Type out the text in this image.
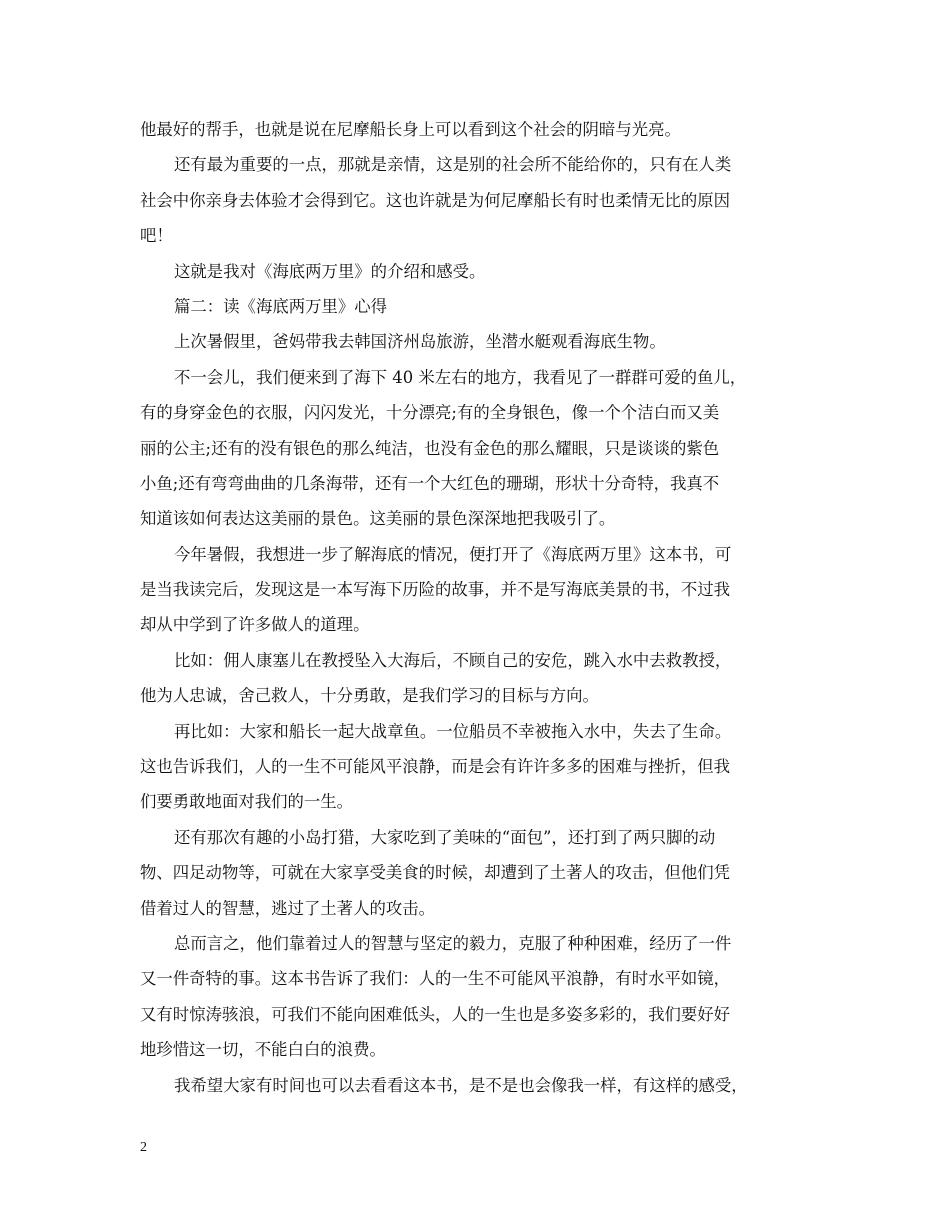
他最好的帮手，也就是说在尼摩船长身上可以看到这个社会的阴暗与光亮。
还有最为重要的一点，那就是亲情，这是别的社会所不能给你的，只有在人类
社会中你亲身去体验才会得到它。这也许就是为何尼摩船长有时也柔情无比的原因
吧！
这就是我对《海底两万里》的介绍和感受。
篇二：读《海底两万里》心得
上次暑假里，爸妈带我去韩国济州岛旅游，坐潜水艇观看海底生物。
不一会儿，我们便来到了海下 40 米左右的地方，我看见了一群群可爱的鱼儿，
有的身穿金色的衣服，闪闪发光，十分漂亮;有的全身银色，像一个个洁白而又美
丽的公主;还有的没有银色的那么纯洁，也没有金色的那么耀眼，只是谈谈的紫色
小鱼;还有弯弯曲曲的几条海带，还有一个大红色的珊瑚，形状十分奇特，我真不
知道该如何表达这美丽的景色。这美丽的景色深深地把我吸引了。
今年暑假，我想进一步了解海底的情况，便打开了《海底两万里》这本书，可
是当我读完后，发现这是一本写海下历险的故事，并不是写海底美景的书，不过我
却从中学到了许多做人的道理。
比如：佣人康塞儿在教授坠入大海后，不顾自己的安危，跳入水中去救教授，
他为人忠诚，舍己救人，十分勇敢，是我们学习的目标与方向。
再比如：大家和船长一起大战章鱼。一位船员不幸被拖入水中，失去了生命。
这也告诉我们，人的一生不可能风平浪静，而是会有许许多多的困难与挫折，但我
们要勇敢地面对我们的一生。
还有那次有趣的小岛打猎，大家吃到了美味的“面包”，还打到了两只脚的动
物、四足动物等，可就在大家享受美食的时候，却遭到了土著人的攻击，但他们凭
借着过人的智慧，逃过了土著人的攻击。
总而言之，他们靠着过人的智慧与坚定的毅力，克服了种种困难，经历了一件
又一件奇特的事。这本书告诉了我们：人的一生不可能风平浪静，有时水平如镜，
又有时惊涛骇浪，可我们不能向困难低头，人的一生也是多姿多彩的，我们要好好
地珍惜这一切，不能白白的浪费。
我希望大家有时间也可以去看看这本书，是不是也会像我一样，有这样的感受，
2
